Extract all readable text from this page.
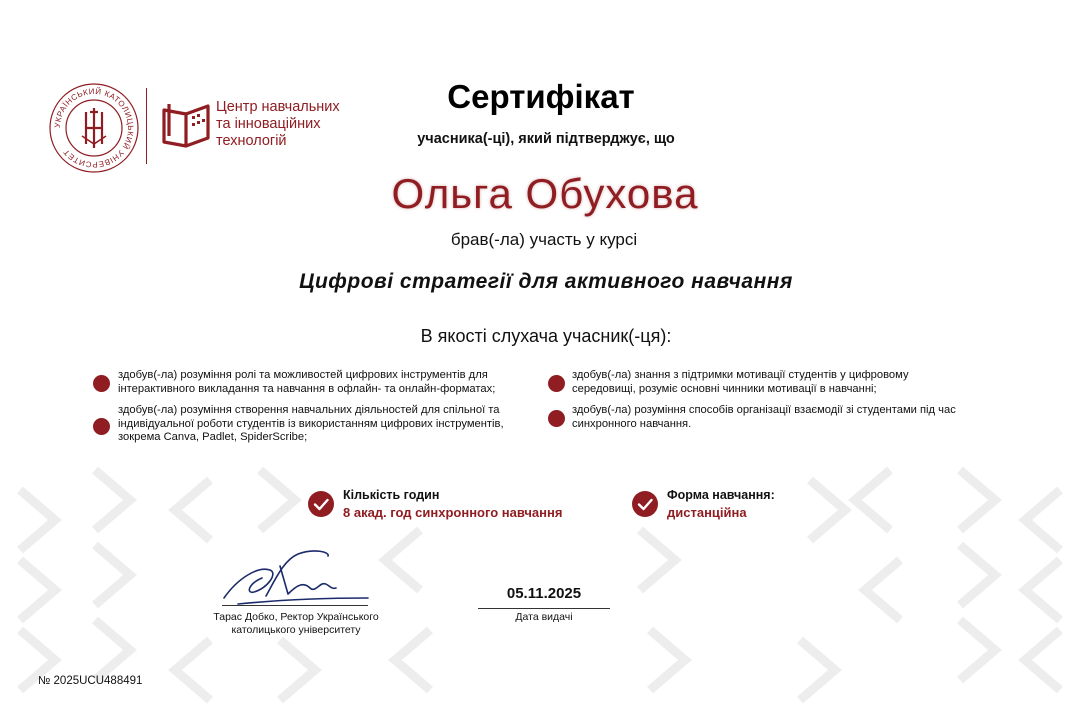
УКРАЇНСЬКИЙ КАТОЛИЦЬКИЙ УНІВЕРСИТЕТ
Центр навчальних
та інноваційних
технологій
Сертифікат
учасника(-ці), який підтверджує, що
Ольга Обухова
брав(-ла) участь у курсі
Цифрові стратегії для активного навчання
В якості слухача учасник(-ця):
здобув(-ла) розуміння ролі та можливостей цифрових інструментів для
інтерактивного викладання та навчання в офлайн- та онлайн-форматах;
здобув(-ла) розуміння створення навчальних діяльностей для спільної та
індивідуальної роботи студентів із використанням цифрових інструментів,
зокрема Canva, Padlet, SpiderScribe;
здобув(-ла) знання з підтримки мотивації студентів у цифровому
середовищі, розуміє основні чинники мотивації в навчанні;
здобув(-ла) розуміння способів організації взаємодії зі студентами під час
синхронного навчання.
Кількість годин
8 акад. год синхронного навчання
Форма навчання:
дистанційна
Тарас Добко, Ректор Українського
католицького університету
05.11.2025
Дата видачі
№ 2025UCU488491
